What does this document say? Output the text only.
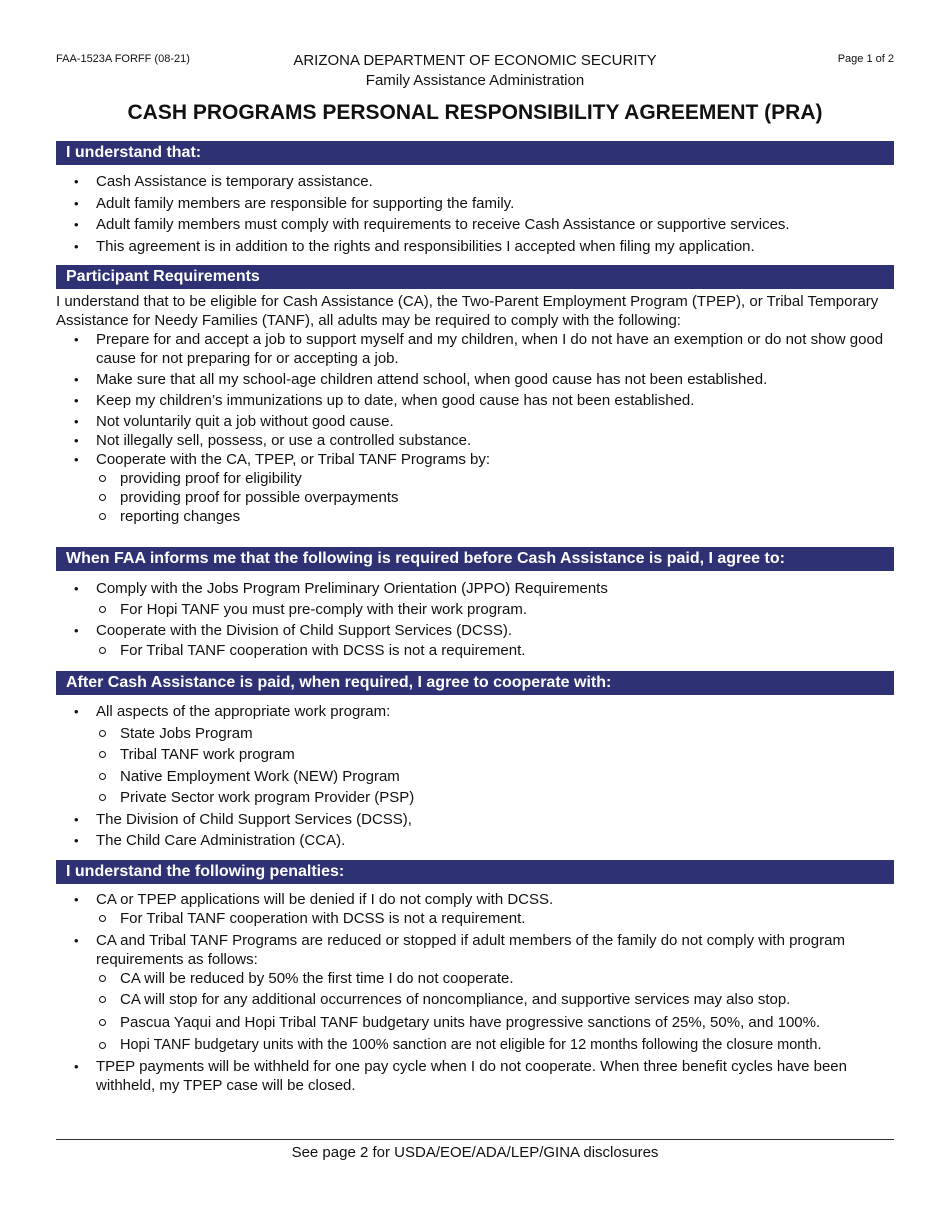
FAA-1523A FORFF (08-21)	Page 1 of 2
ARIZONA DEPARTMENT OF ECONOMIC SECURITY
Family Assistance Administration
CASH PROGRAMS PERSONAL RESPONSIBILITY AGREEMENT (PRA)
I understand that:
• Cash Assistance is temporary assistance.
• Adult family members are responsible for supporting the family.
• Adult family members must comply with requirements to receive Cash Assistance or supportive services.
• This agreement is in addition to the rights and responsibilities I accepted when filing my application.
Participant Requirements

I understand that to be eligible for Cash Assistance (CA), the Two-Parent Employment Program (TPEP), or Tribal Temporary Assistance for Needy Families (TANF), all adults may be required to comply with the following:

• Prepare for and accept a job to support myself and my children, when I do not have an exemption or do not show good cause for not preparing for or accepting a job.
• Make sure that all my school-age children attend school, when good cause has not been established.
• Keep my children’s immunizations up to date, when good cause has not been established.
• Not voluntarily quit a job without good cause.
• Not illegally sell, possess, or use a controlled substance.
• Cooperate with the CA, TPEP, or Tribal TANF Programs by:
providing proof for eligibility
providing proof for possible overpayments
reporting changes
When FAA informs me that the following is required before Cash Assistance is paid, I agree to:
• Comply with the Jobs Program Preliminary Orientation (JPPO) Requirements
For Hopi TANF you must pre-comply with their work program.
• Cooperate with the Division of Child Support Services (DCSS).
For Tribal TANF cooperation with DCSS is not a requirement.
After Cash Assistance is paid, when required, I agree to cooperate with:
• All aspects of the appropriate work program:
State Jobs Program
Tribal TANF work program
Native Employment Work (NEW) Program
Private Sector work program Provider (PSP)
• The Division of Child Support Services (DCSS),
• The Child Care Administration (CCA).
I understand the following penalties:
• CA or TPEP applications will be denied if I do not comply with DCSS.
For Tribal TANF cooperation with DCSS is not a requirement.
• CA and Tribal TANF Programs are reduced or stopped if adult members of the family do not comply with program requirements as follows:
CA will be reduced by 50% the first time I do not cooperate.
CA will stop for any additional occurrences of noncompliance, and supportive services may also stop.
Pascua Yaqui and Hopi Tribal TANF budgetary units have progressive sanctions of 25%, 50%, and 100%.
Hopi TANF budgetary units with the 100% sanction are not eligible for 12 months following the closure month.
• TPEP payments will be withheld for one pay cycle when I do not cooperate. When three benefit cycles have been withheld, my TPEP case will be closed.
See page 2 for USDA/EOE/ADA/LEP/GINA disclosures
